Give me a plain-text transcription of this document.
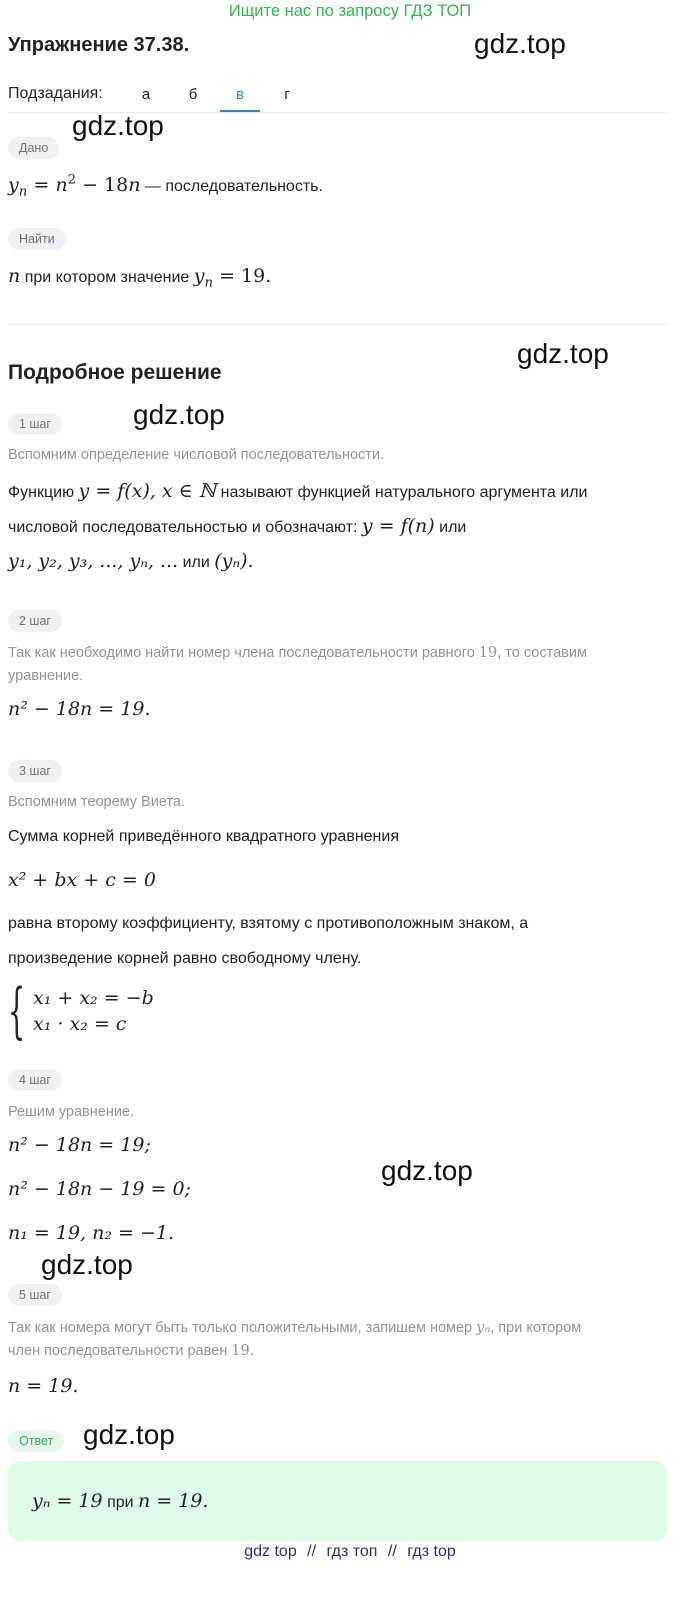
Ищите нас по запросу ГДЗ ТОП
Упражнение 37.38.	gdz.top
gdz.top
gdz.top
gdz.top
gdz.top
gdz.top
gdz.top
Подзадания:	а	б	в	г
Дано
$y_n = n^2 - 18n$ — последовательность.
Найти
n при котором значение $y_n = 19$.
Подробное решение
1 шаг
Вспомним определение числовой последовательности.
Функцию y = f(x), x ∈ ℕ называют функцией натурального аргумента или
числовой последовательностью и обозначают: y = f(n) или
y₁, y₂, y₃, ..., yₙ, ... или (yₙ).
2 шаг
Так как необходимо найти номер члена последовательности равного 19, то составим
уравнение.
n² − 18n = 19.
3 шаг
Вспомним теорему Виета.
Сумма корней приведённого квадратного уравнения
x² + bx + c = 0
равна второму коэффициенту, взятому с противоположным знаком, а
произведение корней равно свободному члену.
{ x₁ + x₂ = −b
x₁ · x₂ = c
4 шаг
Решим уравнение.
n² − 18n = 19;
n² − 18n − 19 = 0;
n₁ = 19, n₂ = −1.
5 шаг
Так как номера могут быть только положительными, запишем номер yₙ, при котором
член последовательности равен 19.
n = 19.
Ответ
yₙ = 19 при n = 19.
gdz top // гдз топ // гдз top
